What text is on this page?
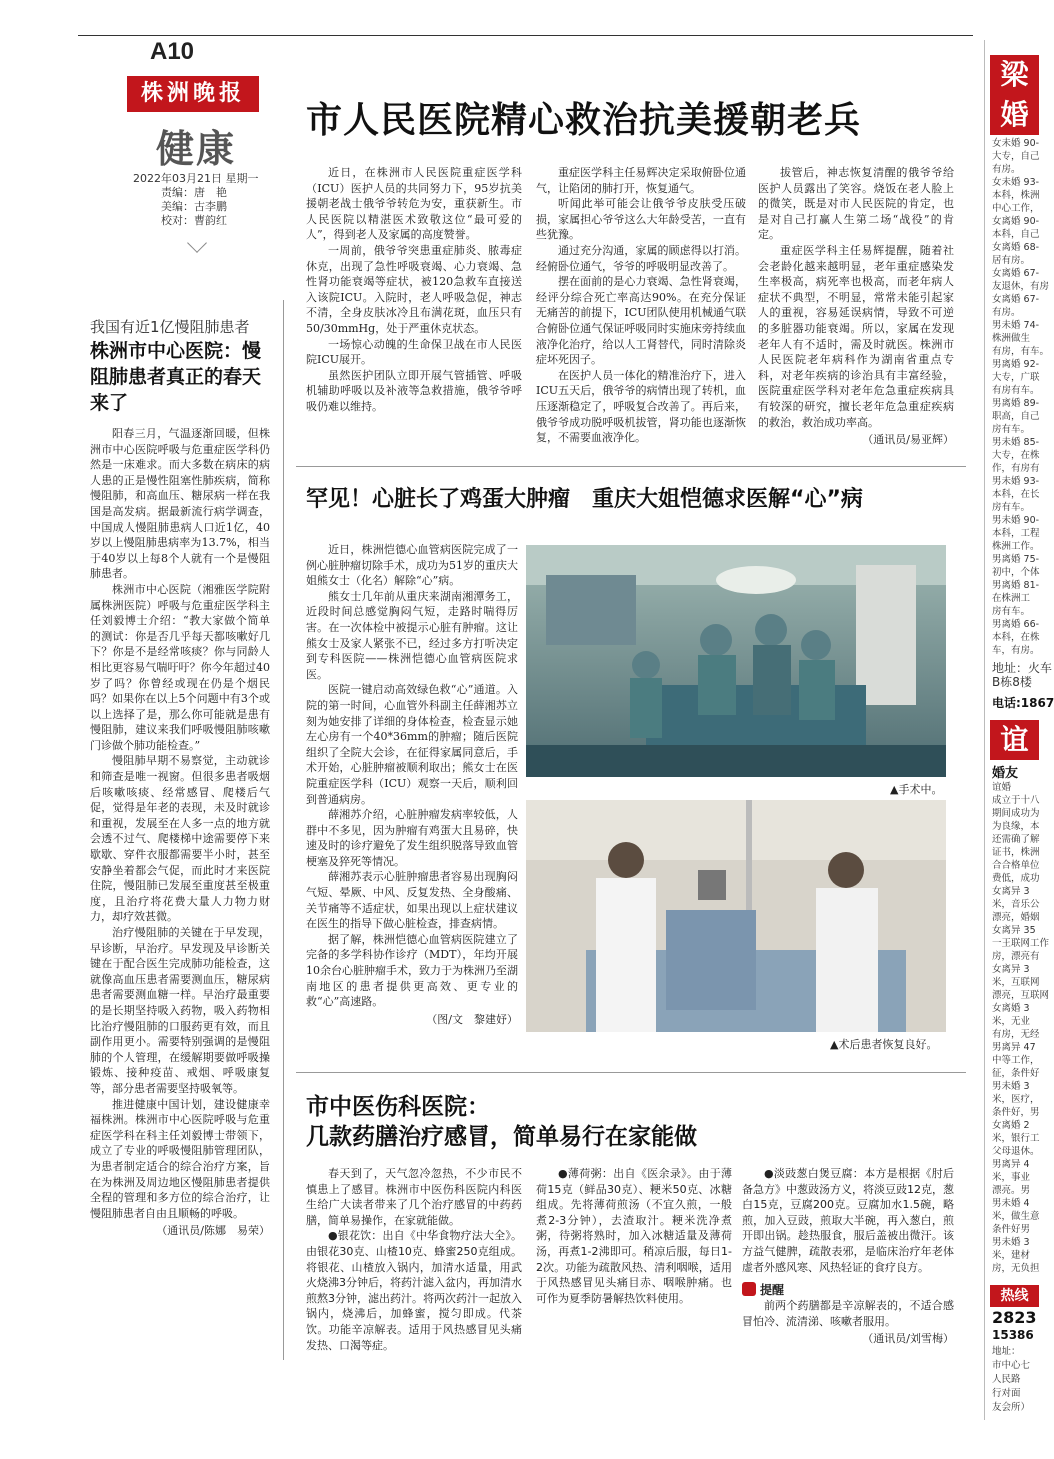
A10
株洲晚报
健康
2022年03月21日 星期一
责编：唐　艳
美编：古李鹏
校对：曹韵红
市人民医院精心救治抗美援朝老兵

近日，在株洲市人民医院重症医学科（ICU）医护人员的共同努力下，95岁抗美援朝老战士俄爷爷转危为安，重获新生。市人民医院以精湛医术致敬这位“最可爱的人”，得到老人及家属的高度赞誉。

一周前，俄爷爷突患重症肺炎、脓毒症休克，出现了急性呼吸衰竭、心力衰竭、急性肾功能衰竭等症状，被120急救车直接送入该院ICU。入院时，老人呼吸急促，神志不清，全身皮肤冰冷且布满花斑，血压只有50/30mmHg，处于严重休克状态。

一场惊心动魄的生命保卫战在市人民医院ICU展开。

虽然医护团队立即开展气管插管、呼吸机辅助呼吸以及补液等急救措施，俄爷爷呼吸仍难以维持。

重症医学科主任易辉决定采取俯卧位通气，让陷闭的肺打开，恢复通气。

听闻此举可能会让俄爷爷皮肤受压破损，家属担心爷爷这么大年龄受苦，一直有些犹豫。

通过充分沟通，家属的顾虑得以打消。经俯卧位通气，爷爷的呼吸明显改善了。

摆在面前的是心力衰竭、急性肾衰竭，经评分综合死亡率高达90%。在充分保证无痛苦的前提下，ICU团队使用机械通气联合俯卧位通气保证呼吸同时实施床旁持续血液净化治疗，给以人工肾替代，同时清除炎症坏死因子。

在医护人员一体化的精准治疗下，进入ICU五天后，俄爷爷的病情出现了转机，血压逐渐稳定了，呼吸复合改善了。再后来，俄爷爷成功脱呼吸机拔管，肾功能也逐渐恢复，不需要血液净化。

拔管后，神志恢复清醒的俄爷爷给医护人员露出了笑容。烧饭在老人脸上的微笑，既是对市人民医院的肯定，也是对自己打赢人生第二场“战役”的肯定。

重症医学科主任易辉提醒，随着社会老龄化越来越明显，老年重症感染发生率极高，病死率也极高，而老年病人症状不典型，不明显，常常未能引起家人的重视，容易延误病情，导致不可逆的多脏器功能衰竭。所以，家属在发现老年人有不适时，需及时就医。株洲市人民医院老年病科作为湖南省重点专科，对老年疾病的诊治具有丰富经验，医院重症医学科对老年危急重症疾病具有较深的研究，擅长老年危急重症疾病的救治，救治成功率高。

（通讯员/易亚辉）
罕见！心脏长了鸡蛋大肿瘤　重庆大姐恺德求医解“心”病

近日，株洲恺德心血管病医院完成了一例心脏肿瘤切除手术，成功为51岁的重庆大姐熊女士（化名）解除“心”病。

熊女士几年前从重庆来湖南湘潭务工，近段时间总感觉胸闷气短，走路时喘得厉害。在一次体检中被提示心脏有肿瘤。这让熊女士及家人紧张不已，经过多方打听决定到专科医院——株洲恺德心血管病医院求医。

医院一键启动高效绿色救“心”通道。入院的第一时间，心血管外科副主任薛湘苏立刻为她安排了详细的身体检查，检查显示她左心房有一个40*36mm的肿瘤；随后医院组织了全院大会诊，在征得家属同意后，手术开始，心脏肿瘤被顺利取出；熊女士在医院重症医学科（ICU）观察一天后，顺利回到普通病房。

薛湘苏介绍，心脏肿瘤发病率较低，人群中不多见，因为肿瘤有鸡蛋大且易碎，快速及时的诊疗避免了发生组织脱落导致血管梗塞及猝死等情况。

薛湘苏表示心脏肿瘤患者容易出现胸闷气短、晕厥、中风、反复发热、全身酸痛、关节痛等不适症状，如果出现以上症状建议在医生的指导下做心脏检查，排查病情。

据了解，株洲恺德心血管病医院建立了完备的多学科协作诊疗（MDT），年均开展10余台心脏肿瘤手术，致力于为株洲乃至湖南地区的患者提供更高效、更专业的救“心”高速路。

（图/文　黎建妤）
▲手术中。
▲术后患者恢复良好。
市中医伤科医院：
几款药膳治疗感冒，简单易行在家能做

春天到了，天气忽冷忽热，不少市民不慎患上了感冒。株洲市中医伤科医院内科医生给广大读者带来了几个治疗感冒的中药药膳，简单易操作，在家就能做。

●银花饮：出自《中华食物疗法大全》。由银花30克、山楂10克、蜂蜜250克组成。将银花、山楂放入锅内，加清水适量，用武火烧沸3分钟后，将药汁滤入盆内，再加清水煎熬3分钟，滤出药汁。将两次药汁一起放入锅内，烧沸后，加蜂蜜，搅匀即成。代茶饮。功能辛凉解表。适用于风热感冒见头痛发热、口渴等症。

●薄荷粥：出自《医余录》。由于薄荷15克（鲜品30克）、粳米50克、冰糖组成。先将薄荷煎汤（不宜久煎，一般煮2-3分钟），去渣取汁。粳米洗净煮粥，待粥将熟时，加入冰糖适量及薄荷汤，再煮1-2沸即可。稍凉后服，每日1-2次。功能为疏散风热、清利咽喉，适用于风热感冒见头痛目赤、咽喉肿痛。也可作为夏季防暑解热饮料使用。

●淡豉葱白煲豆腐：本方是根据《肘后备急方》中葱豉汤方义，将淡豆豉12克，葱白15克，豆腐200克。豆腐加水1.5碗，略煎，加入豆豉，煎取大半碗，再入葱白，煎开即出锅。趁热服食，服后盖被出微汗。该方益气健脾，疏散表邪，是临床治疗年老体虚者外感风寒、风热轻证的食疗良方。

提醒

前两个药膳都是辛凉解表的，不适合感冒怕冷、流清涕、咳嗽者服用。

（通讯员/刘雪梅）
我国有近1亿慢阻肺患者
株洲市中心医院：慢阻肺患者真正的春天来了

阳春三月，气温逐渐回暖，但株洲市中心医院呼吸与危重症医学科仍然是一床难求。而大多数在病床的病人患的正是慢性阻塞性肺疾病，简称慢阻肺，和高血压、糖尿病一样在我国是高发病。据最新流行病学调查，中国成人慢阻肺患病人口近1亿，40岁以上慢阻肺患病率为13.7%，相当于40岁以上每8个人就有一个是慢阻肺患者。

株洲市中心医院（湘雅医学院附属株洲医院）呼吸与危重症医学科主任刘毅博士介绍：“教大家做个简单的测试：你是否几乎每天都咳嗽好几下？你是不是经常咳痰？你与同龄人相比更容易气喘吁吁？你今年超过40岁了吗？你曾经或现在仍是个烟民吗？如果你在以上5个问题中有3个或以上选择了是，那么你可能就是患有慢阻肺，建议来我们呼吸慢阻肺咳嗽门诊做个肺功能检查。”

慢阻肺早期不易察觉，主动就诊和筛查是唯一视窗。但很多患者吸烟后咳嗽咳痰、经常感冒、爬楼后气促，觉得是年老的表现，未及时就诊和重视，发展至在人多一点的地方就会透不过气、爬楼梯中途需要停下来歇歇、穿件衣服都需要半小时，甚至安静坐着都会气促，而此时才来医院住院，慢阻肺已发展至重度甚至极重度，且治疗将花费大量人力物力财力，却疗效甚微。

治疗慢阻肺的关键在于早发现，早诊断，早治疗。早发现及早诊断关键在于配合医生完成肺功能检查，这就像高血压患者需要测血压，糖尿病患者需要测血糖一样。早治疗最重要的是长期坚持吸入药物，吸入药物相比治疗慢阻肺的口服药更有效，而且副作用更小。需要特别强调的是慢阻肺的个人管理，在缓解期要做呼吸操锻炼、接种疫苗、戒烟、呼吸康复等，部分患者需要坚持吸氧等。

推进健康中国计划，建设健康幸福株洲。株洲市中心医院呼吸与危重症医学科在科主任刘毅博士带领下，成立了专业的呼吸慢阻肺管理团队，为患者制定适合的综合治疗方案，旨在为株洲及周边地区慢阻肺患者提供全程的管理和多方位的综合治疗，让慢阻肺患者自由且顺畅的呼吸。

（通讯员/陈娜　易荣）
梁
婚
女未婚 90-
大专，自己
有房。
女未婚 93-
本科，株洲
中心工作，
女离婚 90-
本科，自己
女离婚 68-
居有房。
女离婚 67-
友退休，有房
女离婚 67-
有房。
男未婚 74-
株洲做生
有房，有车。
男离婚 92-
大专，广联
有房有车。
男离婚 89-
职高，自己
房有车。
男未婚 85-
大专，在株
作，有房有
男未婚 93-
本科，在长
房有车。
男未婚 90-
本科，工程
株洲工作。
男离婚 75-
初中，个体
男离婚 81-
在株洲工
房有车。
男离婚 66-
本科，在株
车，有房。
地址：火车
B栋8楼
电话:1867
谊
婚友
谊婚
成立于十八
期间成功为
为良缘，本
还需确了解
证书，株洲
合合格单位
费低，成功
女离异 3
米，音乐公
漂亮，婚姻
女离异 35
一王联网工作
房，漂亮有
女离异 3
米，互联网
漂亮，互联网
女离婚 3
米，无业
有房，无经
男离异 47
中等工作，
征，条件好
男未婚 3
米，医疗，
条件好，男
女离婚 2
米，银行工
父母退休。
男离异 4
米，事业
漂亮。男
男未婚 4
米，做生意
条件好男
男未婚 3
米，建材
房，无负担
热线
2823
15386
地址：
市中心七
人民路
行对面
友会所）
